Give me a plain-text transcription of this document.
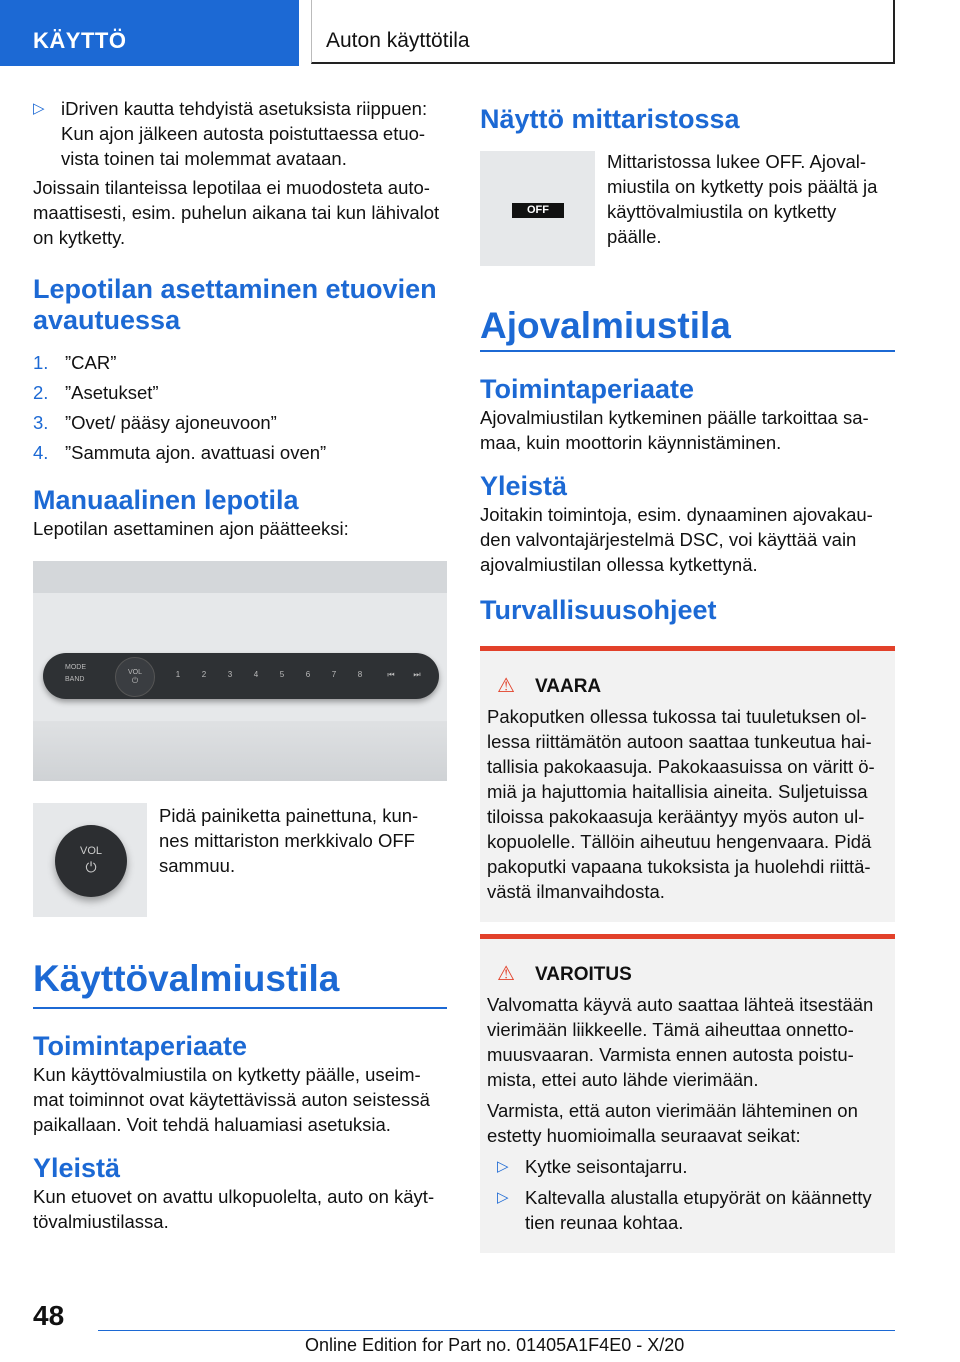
KÄYTTÖ	Auton käyttötila

▷ iDriven kautta tehdyistä asetuksista riippuen: Kun ajon jälkeen autosta poistuttaessa etuo-vista toinen tai molemmat avataan.

Joissain tilanteissa lepotilaa ei muodosteta auto-maattisesti, esim. puhelun aikana tai kun lähivalot on kytketty.

Lepotilan asettaminen etuovien avautuessa
1. ”CAR”
2. ”Asetukset”
3. ”Ovet/ pääsy ajoneuvoon”
4. ”Sammuta ajon. avattuasi oven”
Manuaalinen lepotila

Lepotilan asettaminen ajon päätteeksi:

MODE
BAND
VOL
⏻
1	2	3	4	5	6	7	8	⏮	⏭
VOL
⏻

Pidä painiketta painettuna, kun-nes mittariston merkkivalo OFF sammuu.

Käyttövalmiustila
Toimintaperiaate

Kun käyttövalmiustila on kytketty päälle, useim-mat toiminnot ovat käytettävissä auton seistessä paikallaan. Voit tehdä haluamiasi asetuksia.

Yleistä

Kun etuovet on avattu ulkopuolelta, auto on käyt-tövalmiustilassa.

Näyttö mittaristossa
OFF

Mittaristossa lukee OFF. Ajoval-miustila on kytketty pois päältä ja käyttövalmiustila on kytketty päälle.

Ajovalmiustila
Toimintaperiaate

Ajovalmiustilan kytkeminen päälle tarkoittaa sa-maa, kuin moottorin käynnistäminen.

Yleistä

Joitakin toimintoja, esim. dynaaminen ajovakau-den valvontajärjestelmä DSC, voi käyttää vain ajovalmiustilan ollessa kytkettynä.

Turvallisuusohjeet
⚠ VAARA

Pakoputken ollessa tukossa tai tuuletuksen ol-lessa riittämätön autoon saattaa tunkeutua hai-tallisia pakokaasuja. Pakokaasuissa on väritt ö-miä ja hajuttomia haitallisia aineita. Suljetuissa tiloissa pakokaasuja kerääntyy myös auton ul-kopuolelle. Tällöin aiheutuu hengenvaara. Pidä pakoputki vapaana tukoksista ja huolehdi riittä-västä ilmanvaihdosta.

⚠ VAROITUS

Valvomatta käyvä auto saattaa lähteä itsestään vierimään liikkeelle. Tämä aiheuttaa onnetto-muusvaaran. Varmista ennen autosta poistu-mista, ettei auto lähde vierimään.

Varmista, että auton vierimään lähteminen on estetty huomioimalla seuraavat seikat:

▷ Kytke seisontajarru.

▷ Kaltevalla alustalla etupyörät on käännetty tien reunaa kohtaa.

48
Online Edition for Part no. 01405A1F4E0 - X/20
